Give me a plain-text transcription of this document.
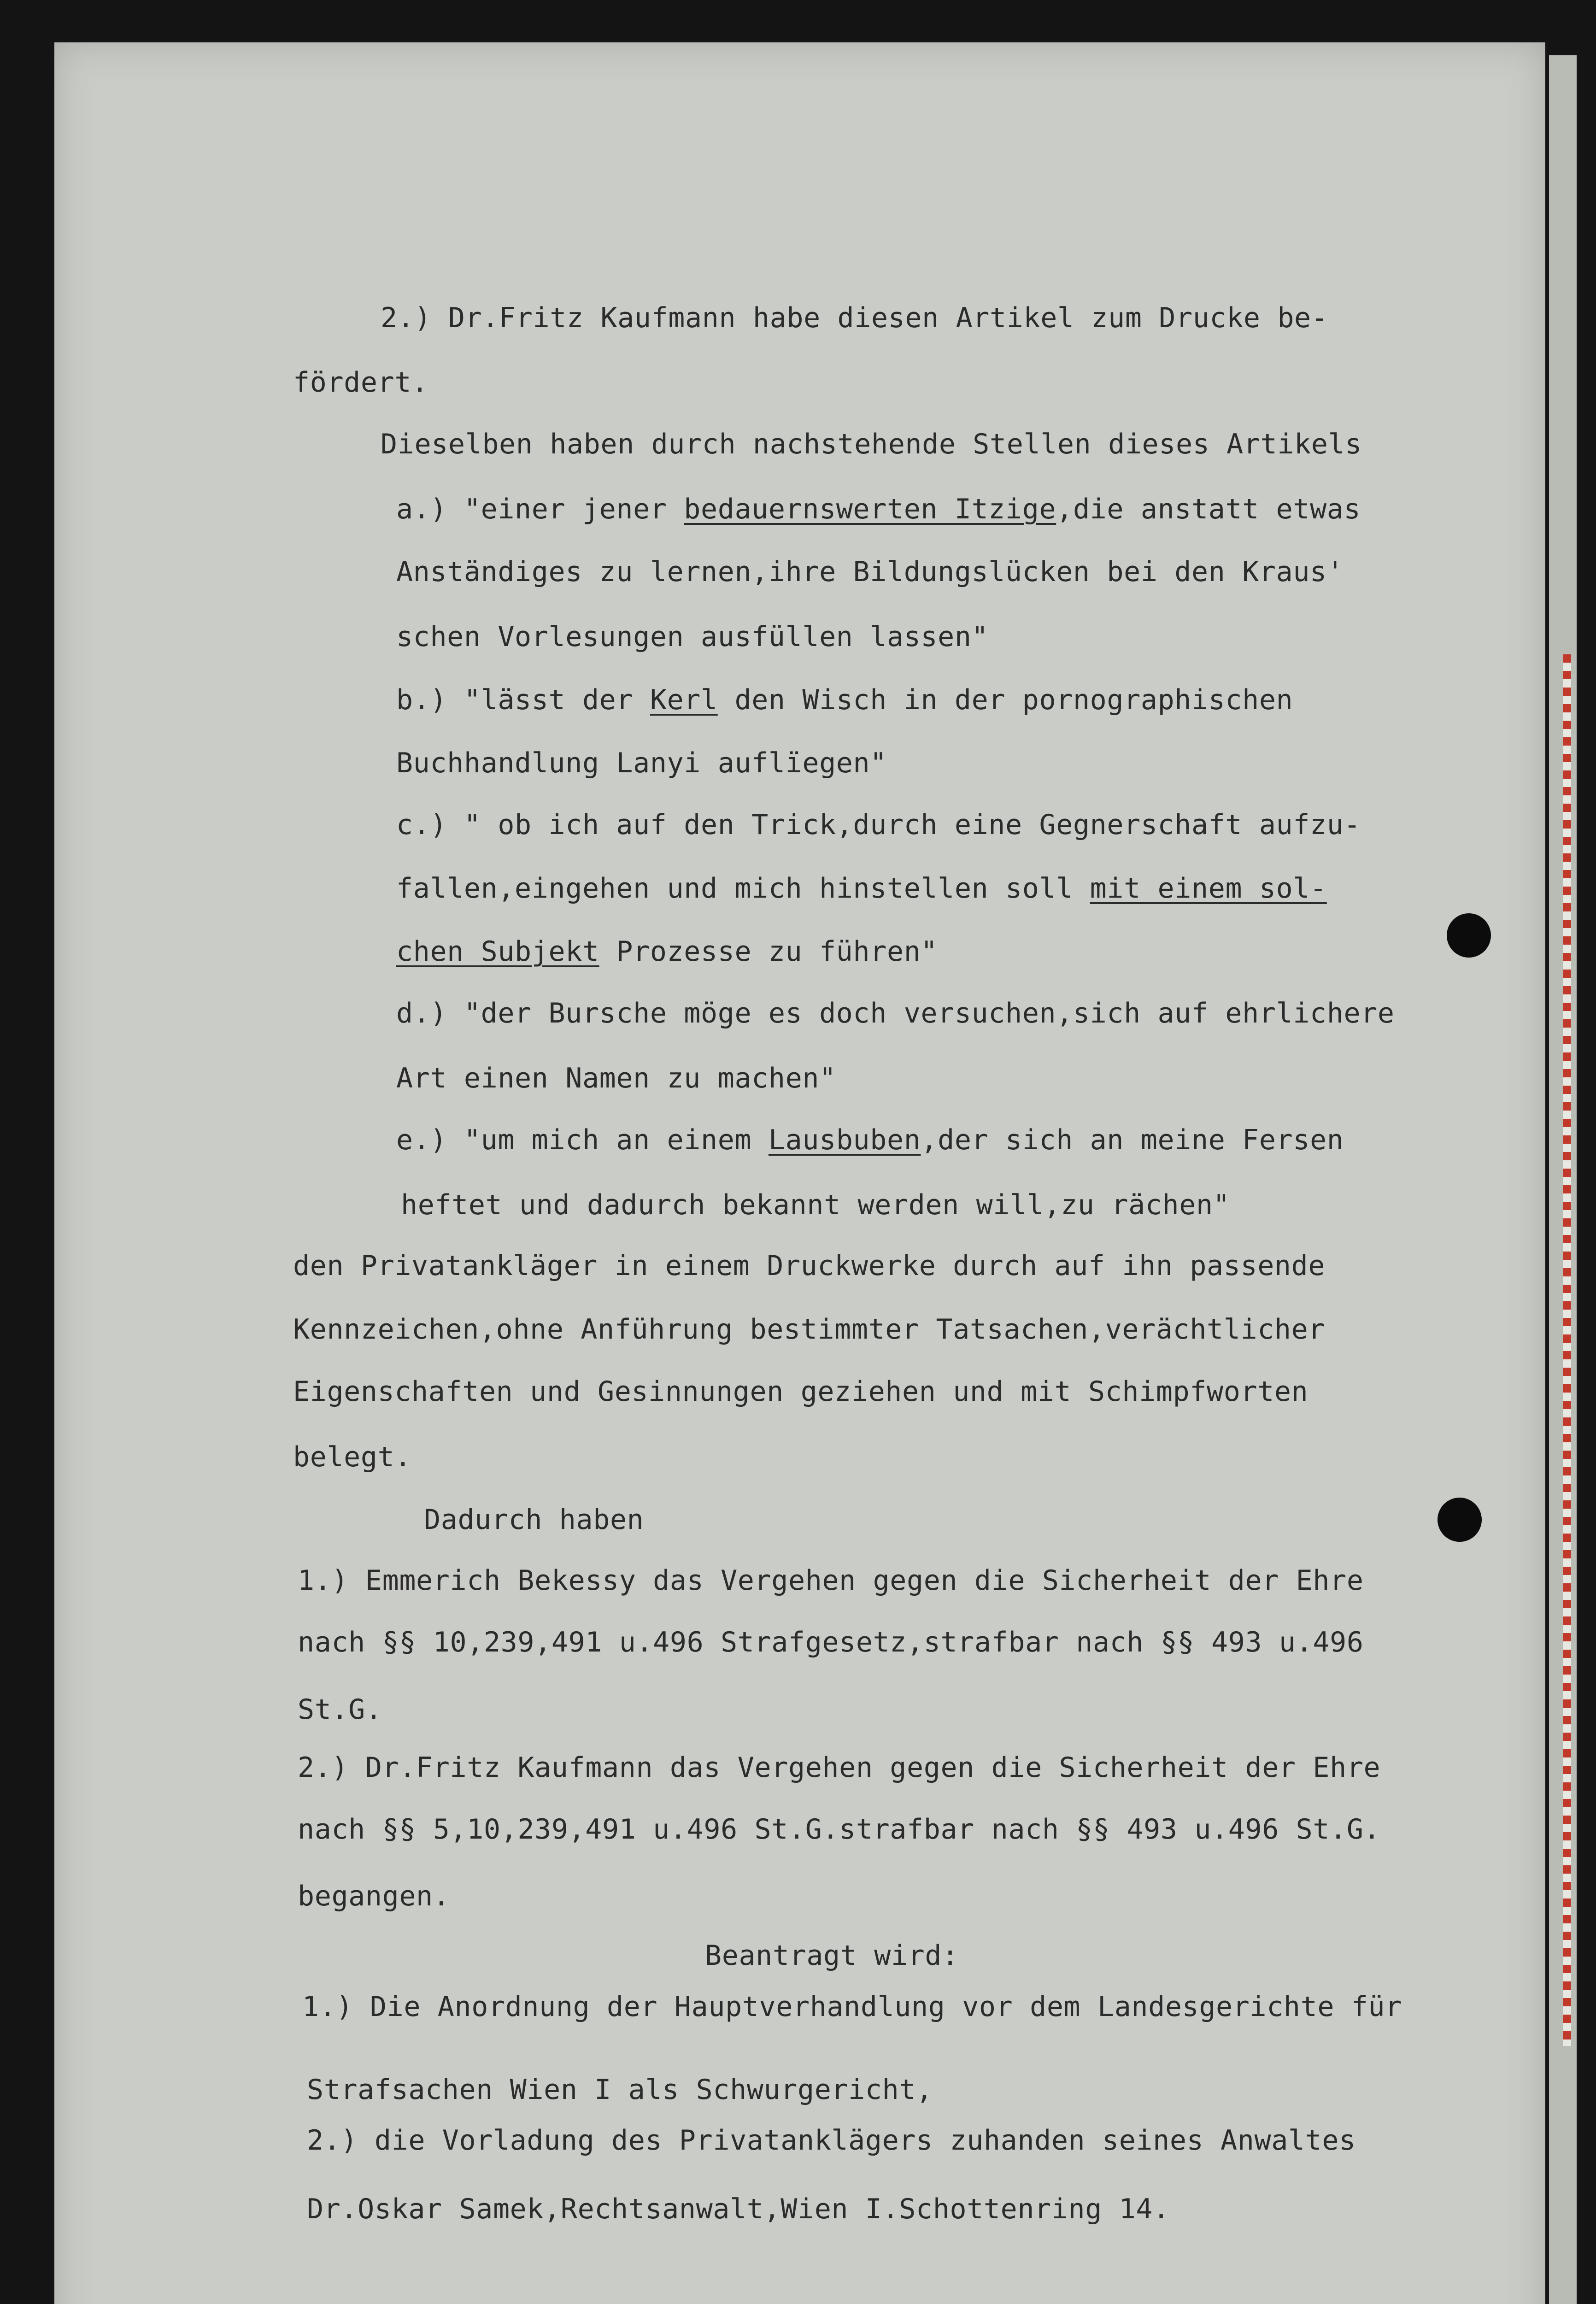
2.) Dr.Fritz Kaufmann habe diesen Artikel zum Drucke be-
fördert.
Dieselben haben durch nachstehende Stellen dieses Artikels
a.) "einer jener bedauernswerten Itzige,die anstatt etwas
Anständiges zu lernen,ihre Bildungslücken bei den Kraus'
schen Vorlesungen ausfüllen lassen"
b.) "lässt der Kerl den Wisch in der pornographischen
Buchhandlung Lanyi auflïegen"
c.) " ob ich auf den Trick,durch eine Gegnerschaft aufzu-
fallen,eingehen und mich hinstellen soll mit einem sol-
chen Subjekt Prozesse zu führen"
d.) "der Bursche möge es doch versuchen,sich auf ehrlichere
Art einen Namen zu machen"
e.) "um mich an einem Lausbuben,der sich an meine Fersen
heftet und dadurch bekannt werden will,zu rächen"
den Privatankläger in einem Druckwerke durch auf ihn passende
Kennzeichen,ohne Anführung bestimmter Tatsachen,verächtlicher
Eigenschaften und Gesinnungen geziehen und mit Schimpfworten
belegt.
Dadurch haben
1.) Emmerich Bekessy das Vergehen gegen die Sicherheit der Ehre
nach §§ 10,239,491 u.496 Strafgesetz,strafbar nach §§ 493 u.496
St.G.
2.) Dr.Fritz Kaufmann das Vergehen gegen die Sicherheit der Ehre
nach §§ 5,10,239,491 u.496 St.G.strafbar nach §§ 493 u.496 St.G.
begangen.
Beantragt wird:
1.) Die Anordnung der Hauptverhandlung vor dem Landesgerichte für
Strafsachen Wien I als Schwurgericht,
2.) die Vorladung des Privatanklägers zuhanden seines Anwaltes
Dr.Oskar Samek,Rechtsanwalt,Wien I.Schottenring 14.
